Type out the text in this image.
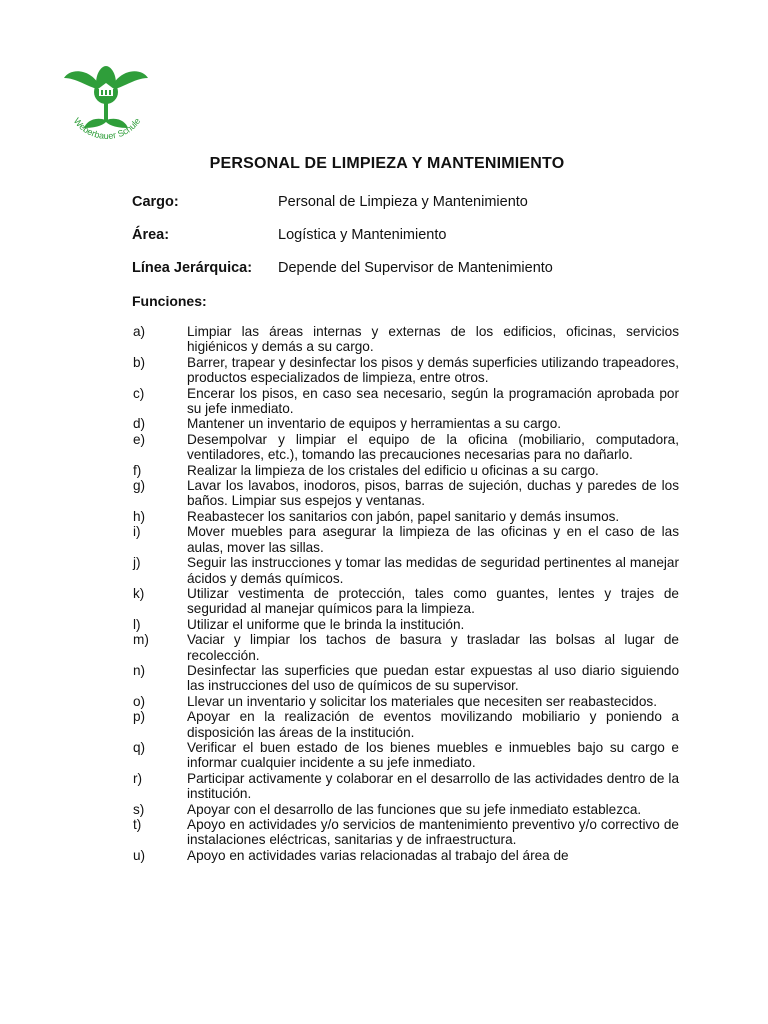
Weberbauer Schule
PERSONAL DE LIMPIEZA Y MANTENIMIENTO
Cargo:	Personal de Limpieza y Mantenimiento
Área:	Logística y Mantenimiento
Línea Jerárquica: Depende del Supervisor de Mantenimiento
Funciones:
a)	Limpiar las áreas internas y externas de los edificios, oficinas, servicios higiénicos y demás a su cargo.
b)	Barrer, trapear y desinfectar los pisos y demás superficies utilizando trapeadores, productos especializados de limpieza, entre otros.
c)	Encerar los pisos, en caso sea necesario, según la programación aprobada por su jefe inmediato.
d)	Mantener un inventario de equipos y herramientas a su cargo.
e)	Desempolvar y limpiar el equipo de la oficina (mobiliario, computadora, ventiladores, etc.), tomando las precauciones necesarias para no dañarlo.
f)	Realizar la limpieza de los cristales del edificio u oficinas a su cargo.
g)	Lavar los lavabos, inodoros, pisos, barras de sujeción, duchas y paredes de los baños. Limpiar sus espejos y ventanas.
h)	Reabastecer los sanitarios con jabón, papel sanitario y demás insumos.
i)	Mover muebles para asegurar la limpieza de las oficinas y en el caso de las aulas, mover las sillas.
j)	Seguir las instrucciones y tomar las medidas de seguridad pertinentes al manejar ácidos y demás químicos.
k)	Utilizar vestimenta de protección, tales como guantes, lentes y trajes de seguridad al manejar químicos para la limpieza.
l)	Utilizar el uniforme que le brinda la institución.
m)	Vaciar y limpiar los tachos de basura y trasladar las bolsas al lugar de recolección.
n)	Desinfectar las superficies que puedan estar expuestas al uso diario siguiendo las instrucciones del uso de químicos de su supervisor.
o)	Llevar un inventario y solicitar los materiales que necesiten ser reabastecidos.
p)	Apoyar en la realización de eventos movilizando mobiliario y poniendo a disposición las áreas de la institución.
q)	Verificar el buen estado de los bienes muebles e inmuebles bajo su cargo e informar cualquier incidente a su jefe inmediato.
r)	Participar activamente y colaborar en el desarrollo de las actividades dentro de la institución.
s)	Apoyar con el desarrollo de las funciones que su jefe inmediato establezca.
t)	Apoyo en actividades y/o servicios de mantenimiento preventivo y/o correctivo de instalaciones eléctricas, sanitarias y de infraestructura.
u)	Apoyo en actividades varias relacionadas al trabajo del área de
